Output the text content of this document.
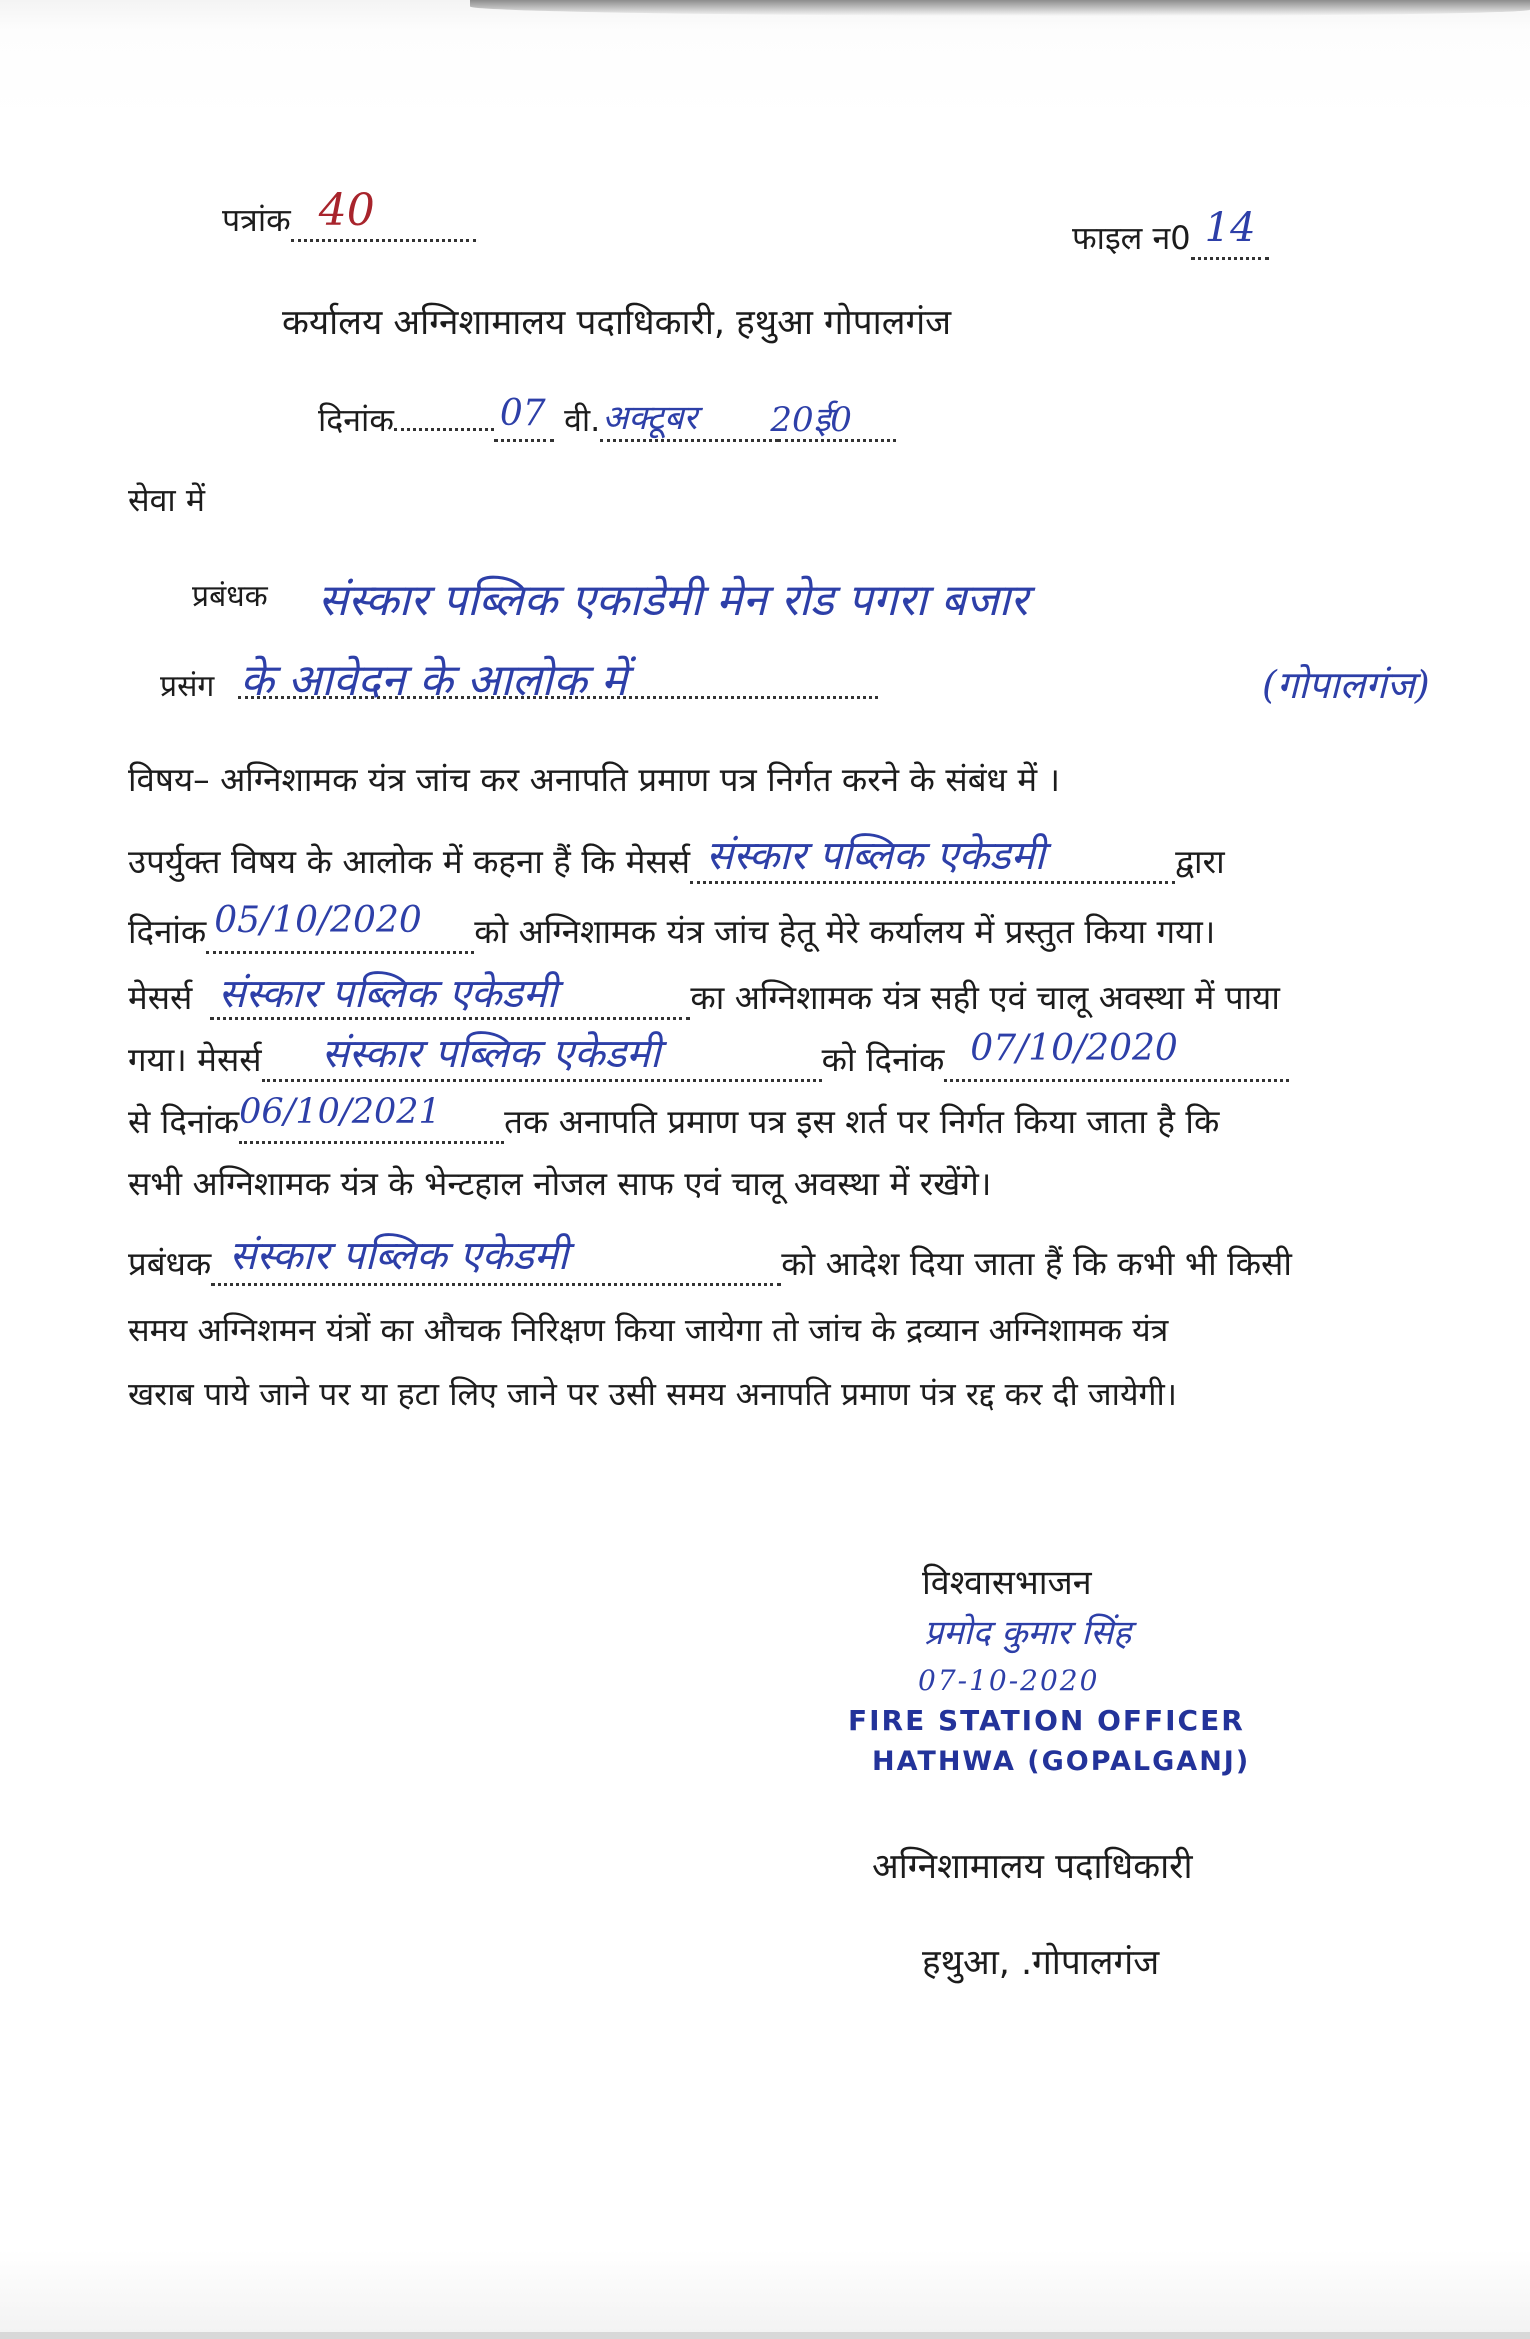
पत्रांक 40

फाइल न0 14

कर्यालय अग्निशामालय पदाधिकारी, हथुआ गोपालगंज
दिनांक	07 वी. अक्टूबर
20ई0

सेवा में
प्रबंधक संस्कार पब्लिक एकाडेमी मेन रोड पगरा बजार
प्रसंग के आवेदन के आलोक में	(गोपालगंज)
विषय– अग्निशामक यंत्र जांच कर अनापति प्रमाण पत्र निर्गत करने के संबंध में ।
उपर्युक्त विषय के आलोक में कहना हैं कि मेसर्स संस्कार पब्लिक एकेडमी	द्वारा
दिनांक 05/10/2020 को अग्निशामक यंत्र जांच हेतू मेरे कर्यालय में प्रस्तुत किया गया।
मेसर्स संस्कार पब्लिक एकेडमी	का अग्निशामक यंत्र सही एवं चालू अवस्था में पाया
गया। मेसर्स संस्कार पब्लिक एकेडमी	को दिनांक 07/10/2020

से दिनांक 06/10/2021 तक अनापति प्रमाण पत्र इस शर्त पर निर्गत किया जाता है कि
सभी अग्निशामक यंत्र के भेन्टहाल नोजल साफ एवं चालू अवस्था में रखेंगे।
प्रबंधक संस्कार पब्लिक एकेडमी	को आदेश दिया जाता हैं कि कभी भी किसी
समय अग्निशमन यंत्रों का औचक निरिक्षण किया जायेगा तो जांच के द्रव्यान अग्निशामक यंत्र
खराब पाये जाने पर या हटा लिए जाने पर उसी समय अनापति प्रमाण पंत्र रद्द कर दी जायेगी।
विश्वासभाजन
प्रमोद कुमार सिंह
07-10-2020
FIRE STATION OFFICER
HATHWA (GOPALGANJ)
अग्निशामालय पदाधिकारी
हथुआ, .गोपालगंज
